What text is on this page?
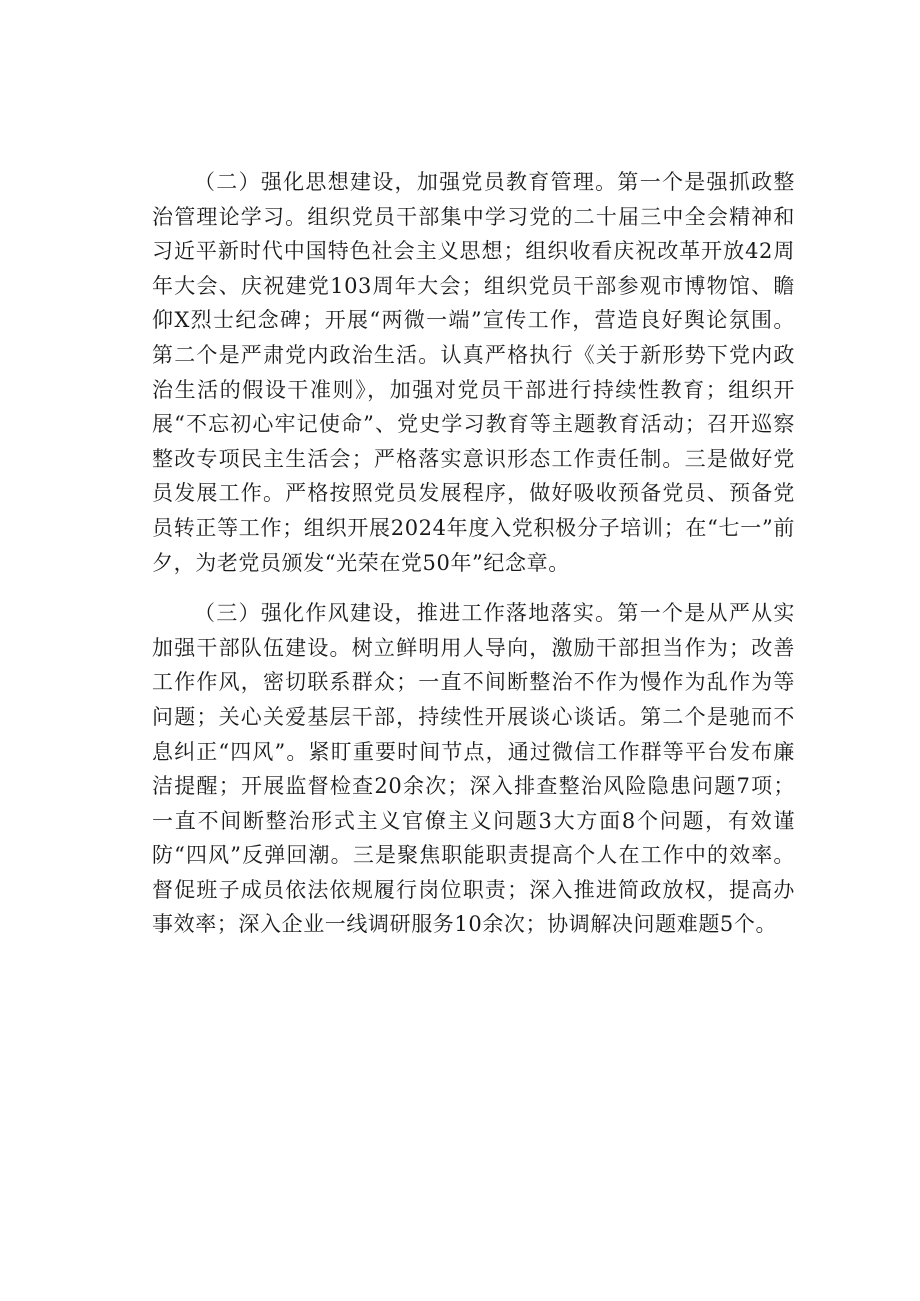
（二）强化思想建设，加强党员教育管理。第一个是强抓政整治管理论学习。组织党员干部集中学习党的二十届三中全会精神和习近平新时代中国特色社会主义思想；组织收看庆祝改革开放42周年大会、庆祝建党103周年大会；组织党员干部参观市博物馆、瞻仰X烈士纪念碑；开展“两微一端”宣传工作，营造良好舆论氛围。第二个是严肃党内政治生活。认真严格执行《关于新形势下党内政治生活的假设干准则》，加强对党员干部进行持续性教育；组织开展“不忘初心牢记使命”、党史学习教育等主题教育活动；召开巡察整改专项民主生活会；严格落实意识形态工作责任制。三是做好党员发展工作。严格按照党员发展程序，做好吸收预备党员、预备党员转正等工作；组织开展2024年度入党积极分子培训；在“七一”前夕，为老党员颁发“光荣在党50年”纪念章。

（三）强化作风建设，推进工作落地落实。第一个是从严从实加强干部队伍建设。树立鲜明用人导向，激励干部担当作为；改善工作作风，密切联系群众；一直不间断整治不作为慢作为乱作为等问题；关心关爱基层干部，持续性开展谈心谈话。第二个是驰而不息纠正“四风”。紧盯重要时间节点，通过微信工作群等平台发布廉洁提醒；开展监督检查20余次；深入排查整治风险隐患问题7项；一直不间断整治形式主义官僚主义问题3大方面8个问题，有效谨防“四风”反弹回潮。三是聚焦职能职责提高个人在工作中的效率。督促班子成员依法依规履行岗位职责；深入推进简政放权，提高办事效率；深入企业一线调研服务10余次；协调解决问题难题5个。
